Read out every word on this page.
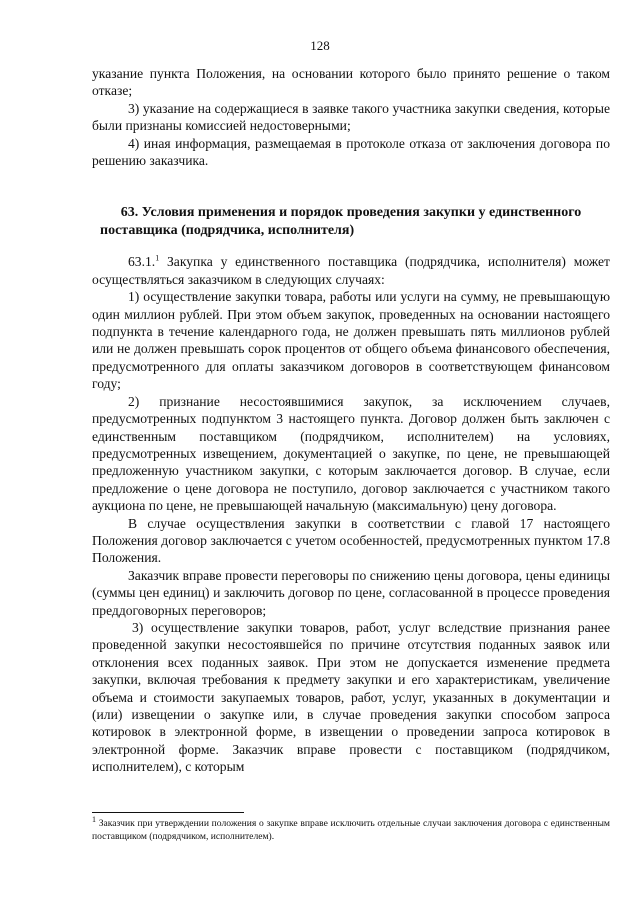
128

указание пункта Положения, на основании которого было принято решение о таком отказе;

3) указание на содержащиеся в заявке такого участника закупки сведения, которые были признаны комиссией недостоверными;

4) иная информация, размещаемая в протоколе отказа от заключения договора по решению заказчика.

63. Условия применения и порядок проведения закупки у единственного поставщика (подрядчика, исполнителя)

63.1.$^1$ Закупка у единственного поставщика (подрядчика, исполнителя) может осуществляться заказчиком в следующих случаях:

1) осуществление закупки товара, работы или услуги на сумму, не превышающую один миллион рублей. При этом объем закупок, проведенных на основании настоящего подпункта в течение календарного года, не должен превышать пять миллионов рублей или не должен превышать сорок процентов от общего объема финансового обеспечения, предусмотренного для оплаты заказчиком договоров в соответствующем финансовом году;

2) признание несостоявшимися закупок, за исключением случаев, предусмотренных подпунктом 3 настоящего пункта. Договор должен быть заключен с единственным поставщиком (подрядчиком, исполнителем) на условиях, предусмотренных извещением, документацией о закупке, по цене, не превышающей предложенную участником закупки, с которым заключается договор. В случае, если предложение о цене договора не поступило, договор заключается с участником такого аукциона по цене, не превышающей начальную (максимальную) цену договора.

В случае осуществления закупки в соответствии с главой 17 настоящего Положения договор заключается с учетом особенностей, предусмотренных пунктом 17.8 Положения.

Заказчик вправе провести переговоры по снижению цены договора, цены единицы (суммы цен единиц) и заключить договор по цене, согласованной в процессе проведения преддоговорных переговоров;

3) осуществление закупки товаров, работ, услуг вследствие признания ранее проведенной закупки несостоявшейся по причине отсутствия поданных заявок или отклонения всех поданных заявок. При этом не допускается изменение предмета закупки, включая требования к предмету закупки и его характеристикам, увеличение объема и стоимости закупаемых товаров, работ, услуг, указанных в документации и (или) извещении о закупке или, в случае проведения закупки способом запроса котировок в электронной форме, в извещении о проведении запроса котировок в электронной форме. Заказчик вправе провести с поставщиком (подрядчиком, исполнителем), с которым

$^1$ Заказчик при утверждении положения о закупке вправе исключить отдельные случаи заключения договора с единственным поставщиком (подрядчиком, исполнителем).
